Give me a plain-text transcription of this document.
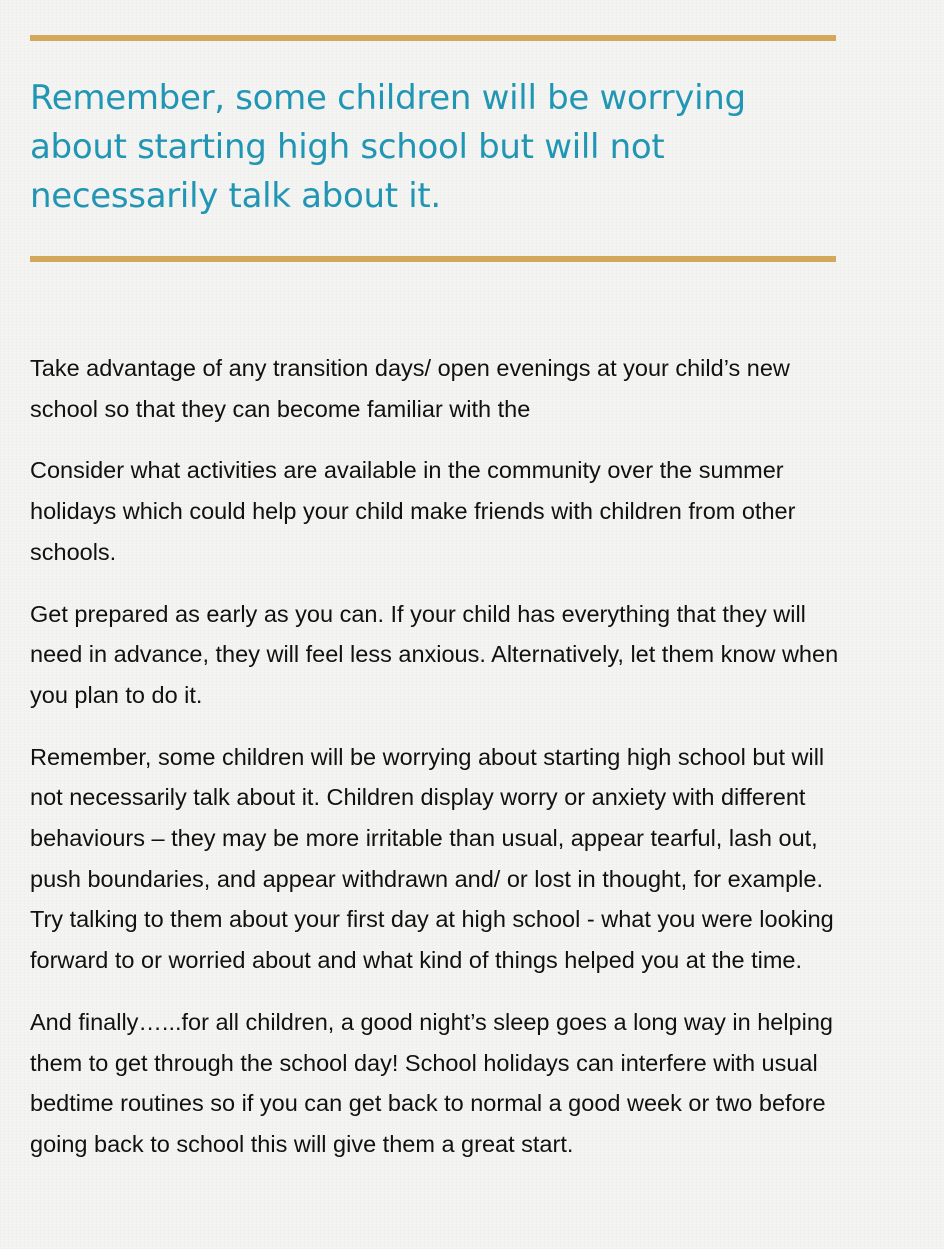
Remember, some children will be worrying about starting high school but will not necessarily talk about it.

Take advantage of any transition days/ open evenings at your child’s new school so that they can become familiar with the

Consider what activities are available in the community over the summer holidays which could help your child make friends with children from other schools.

Get prepared as early as you can. If your child has everything that they will need in advance, they will feel less anxious. Alternatively, let them know when you plan to do it.

Remember, some children will be worrying about starting high school but will not necessarily talk about it. Children display worry or anxiety with different behaviours – they may be more irritable than usual, appear tearful, lash out, push boundaries, and appear withdrawn and/ or lost in thought, for example. Try talking to them about your first day at high school - what you were looking forward to or worried about and what kind of things helped you at the time.

And finally…...for all children, a good night’s sleep goes a long way in helping them to get through the school day! School holidays can interfere with usual bedtime routines so if you can get back to normal a good week or two before going back to school this will give them a great start.
